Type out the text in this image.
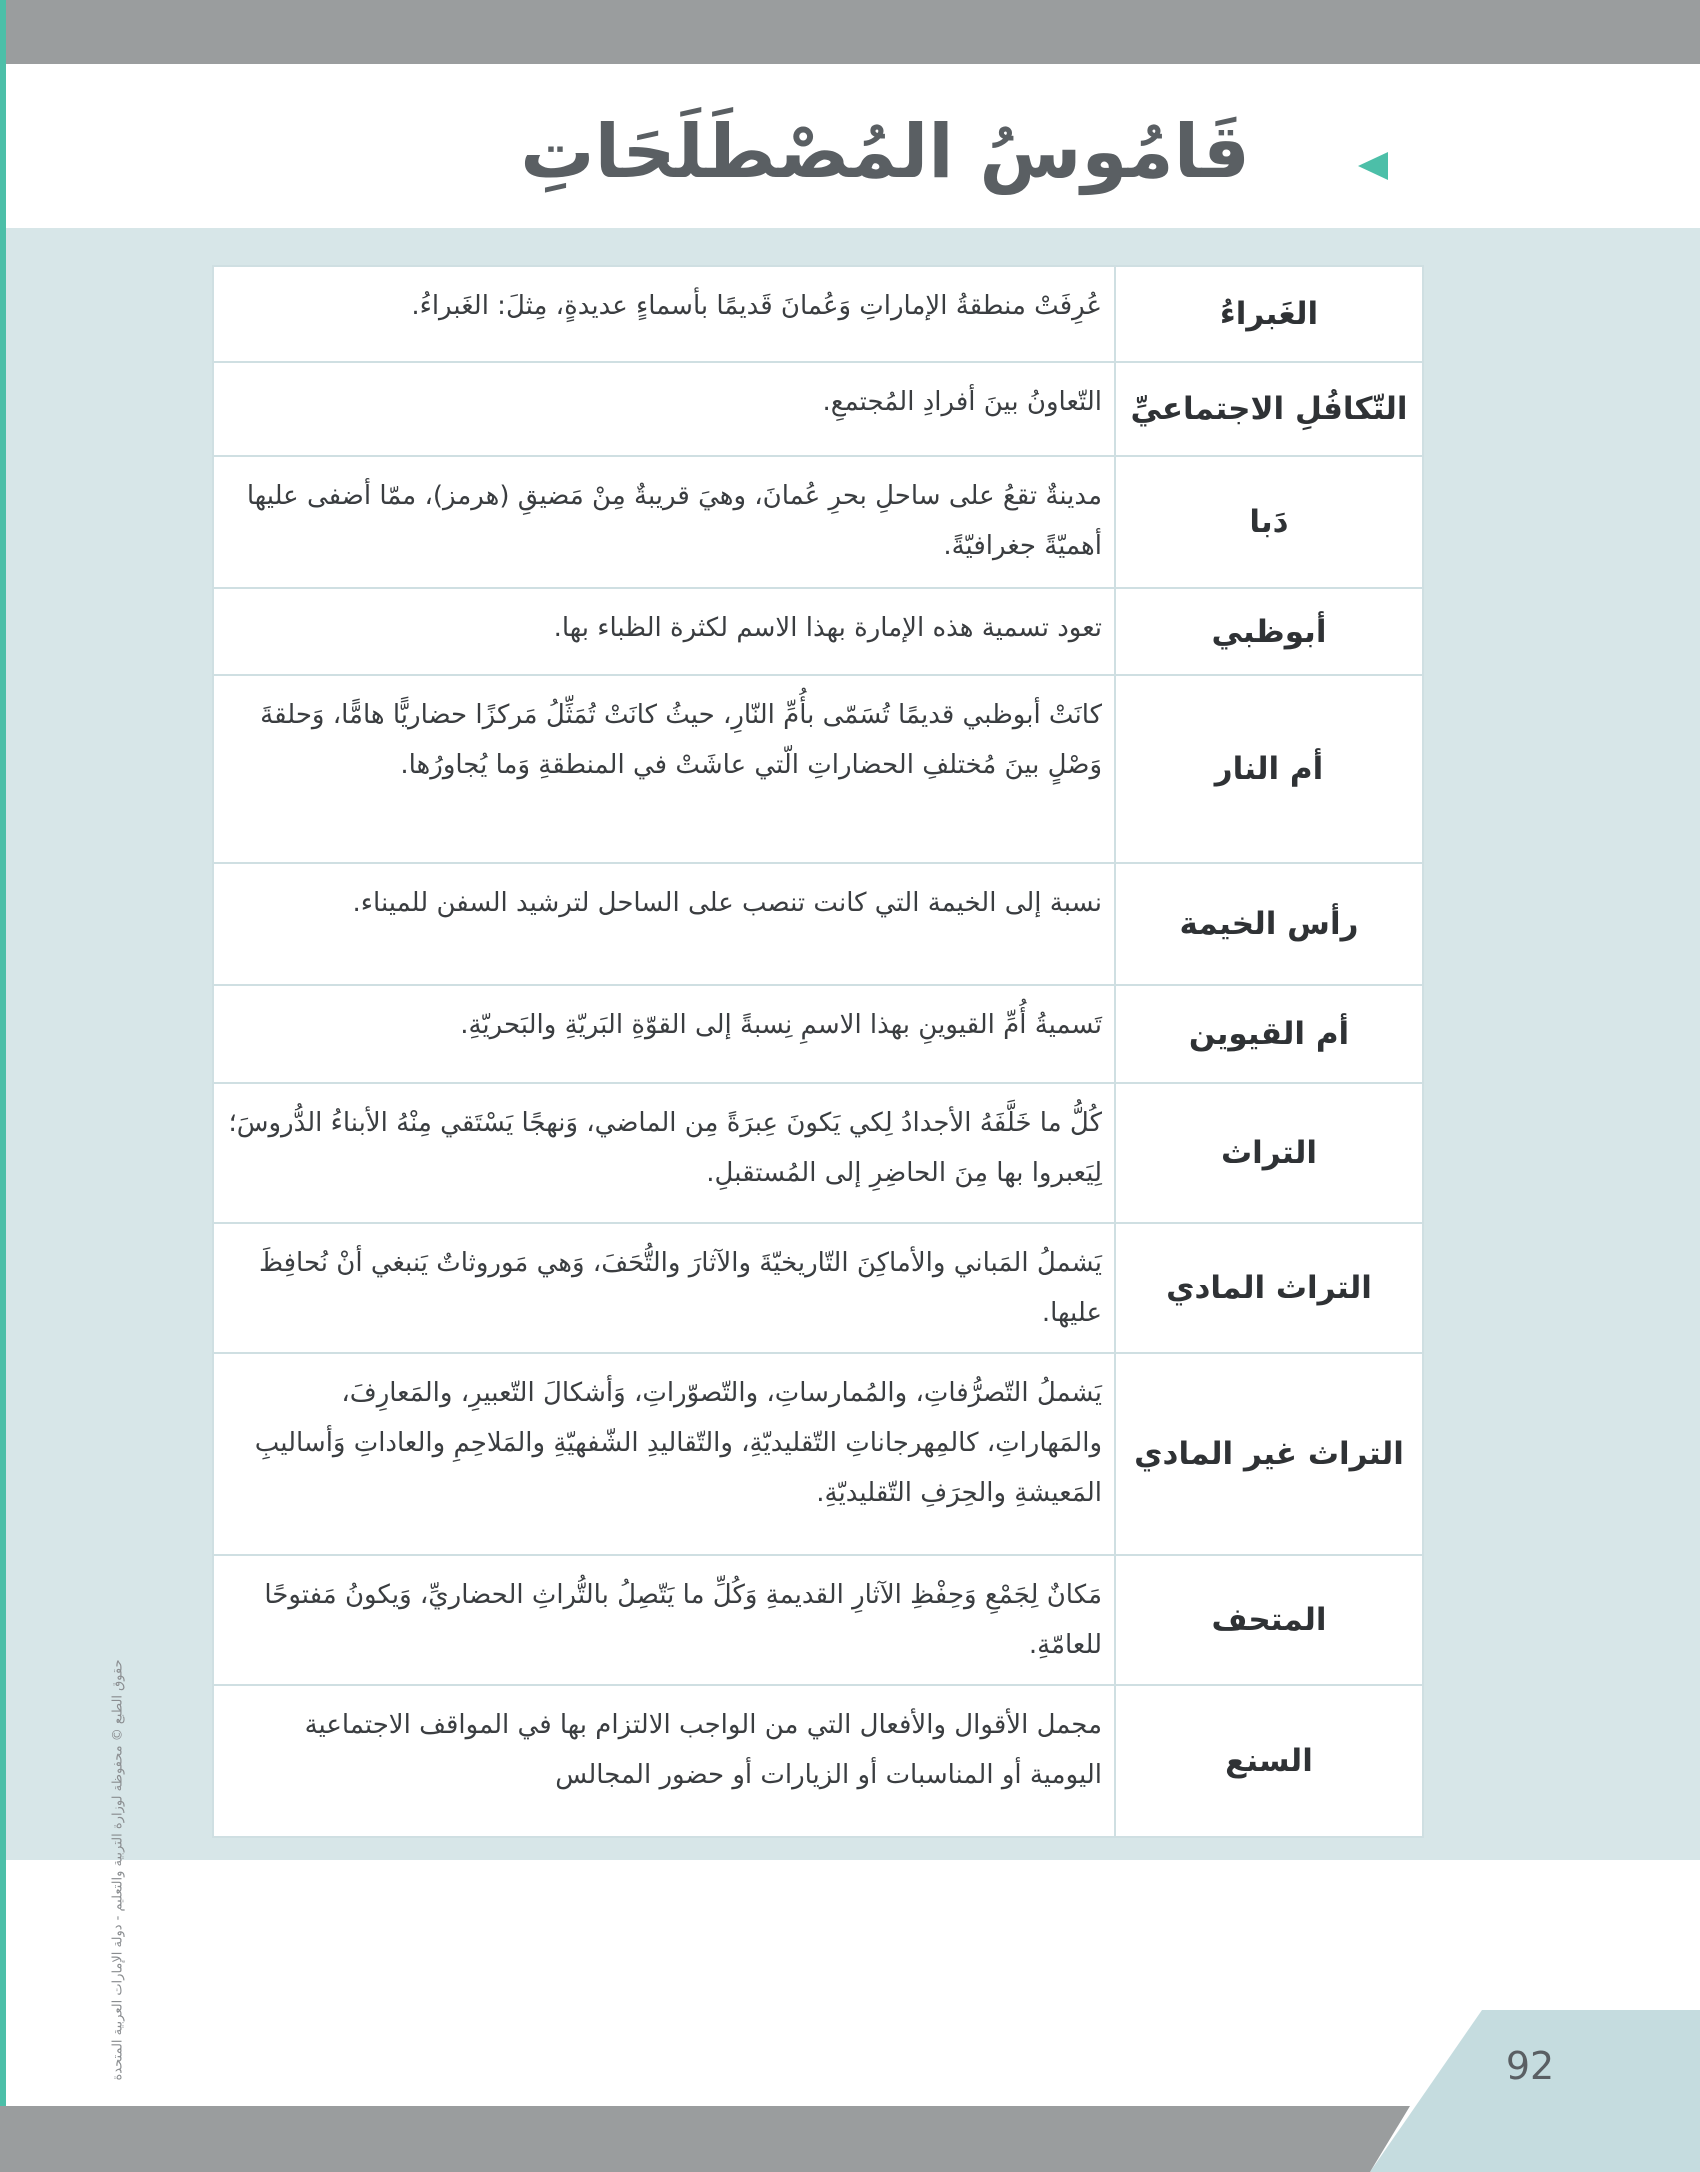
قَامُوسُ المُصْطَلَحَاتِ
الغَبراءُ	عُرِفَتْ منطقةُ الإماراتِ وَعُمانَ قَديمًا بأسماءٍ عديدةٍ، مِثلَ: الغَبراءُ.
التّكافُلِ الاجتماعيِّ	التّعاونُ بينَ أفرادِ المُجتمعِ.
دَبا	مدينةٌ تقعُ على ساحلِ بحرِ عُمانَ، وهيَ قريبةٌ مِنْ مَضيقِ (هرمز)، ممّا أضفى عليها أهميّةً جغرافيّةً.
أبوظبي	تعود تسمية هذه الإمارة بهذا الاسم لكثرة الظباء بها.
أم النار	كانَتْ أبوظبي قديمًا تُسَمّى بأُمِّ النّارِ، حيثُ كانَتْ تُمَثِّلُ مَركزًا حضاريًّا هامًّا، وَحلقةَ وَصْلٍ بينَ مُختلفِ الحضاراتِ الّتي عاشَتْ في المنطقةِ وَما يُجاورُها.
رأس الخيمة	نسبة إلى الخيمة التي كانت تنصب على الساحل لترشيد السفن للميناء.
أم القيوين	تَسميةُ أُمِّ القيوينِ بهذا الاسمِ نِسبةً إلى القوّةِ البَريّةِ والبَحريّةِ.
التراث	كُلُّ ما خَلَّفَهُ الأجدادُ لِكي يَكونَ عِبرَةً مِن الماضي، وَنهجًا يَسْتَقي مِنْهُ الأبناءُ الدُّروسَ؛ لِيَعبروا بها مِنَ الحاضِرِ إلى المُستقبلِ.
التراث المادي	يَشملُ المَباني والأماكِنَ التّاريخيّةَ والآثارَ والتُّحَفَ، وَهي مَوروثاتٌ يَنبغي أنْ نُحافِظَ عليها.
التراث غير المادي	يَشملُ التّصرُّفاتِ، والمُمارساتِ، والتّصوّراتِ، وَأشكالَ التّعبيرِ، والمَعارِفَ، والمَهاراتِ، كالمِهرجاناتِ التّقليديّةِ، والتّقاليدِ الشّفهيّةِ والمَلاحِمِ والعاداتِ وَأساليبِ المَعيشةِ والحِرَفِ التّقليديّةِ.
المتحف	مَكانٌ لِجَمْعِ وَحِفْظِ الآثارِ القديمةِ وَكُلِّ ما يَتّصِلُ بالتُّراثِ الحضاريِّ، وَيكونُ مَفتوحًا للعامّةِ.
السنع	مجمل الأقوال والأفعال التي من الواجب الالتزام بها في المواقف الاجتماعية اليومية أو المناسبات أو الزيارات أو حضور المجالس
حقوق الطبع © محفوظة لوزارة التربية والتعليم - دولة الإمارات العربية المتحدة	92
